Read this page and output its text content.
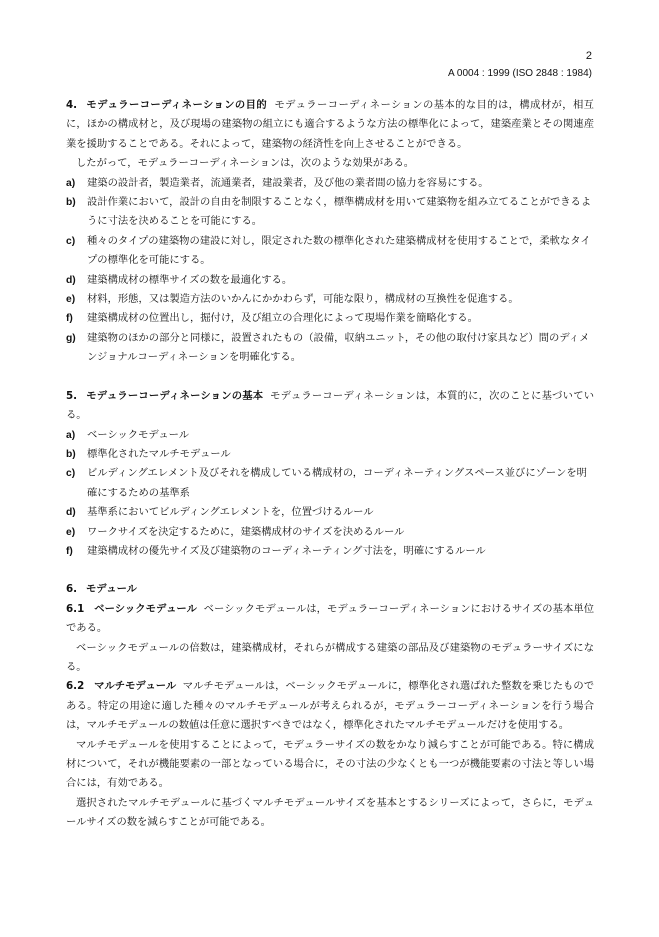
2
A 0004 : 1999 (ISO 2848 : 1984)

4. モデュラーコーディネーションの目的 モデュラーコーディネーションの基本的な目的は，構成材が，相互に，ほかの構成材と，及び現場の建築物の組立にも適合するような方法の標準化によって，建築産業とその関連産業を援助することである。それによって，建築物の経済性を向上させることができる。

したがって，モデュラーコーディネーションは，次のような効果がある。

a)	建築の設計者，製造業者，流通業者，建設業者，及び他の業者間の協力を容易にする。
b)	設計作業において，設計の自由を制限することなく，標準構成材を用いて建築物を組み立てることができるように寸法を決めることを可能にする。
c)	種々のタイプの建築物の建設に対し，限定された数の標準化された建築構成材を使用することで，柔軟なタイプの標準化を可能にする。
d)	建築構成材の標準サイズの数を最適化する。
e)	材料，形態，又は製造方法のいかんにかかわらず，可能な限り，構成材の互換性を促進する。
f)	建築構成材の位置出し，掘付け，及び組立の合理化によって現場作業を簡略化する。
g)	建築物のほかの部分と同様に，設置されたもの（設備，収納ユニット，その他の取付け家具など）間のディメンジョナルコーディネーションを明確化する。

5. モデュラーコーディネーションの基本 モデュラーコーディネーションは，本質的に，次のことに基づいている。

a)	ベーシックモデュール
b)	標準化されたマルチモデュール
c)	ビルディングエレメント及びそれを構成している構成材の，コーディネーティングスペース並びにゾーンを明確にするための基準系
d)	基準系においてビルディングエレメントを，位置づけるルール
e)	ワークサイズを決定するために，建築構成材のサイズを決めるルール
f)	建築構成材の優先サイズ及び建築物のコーディネーティング寸法を，明確にするルール
6. モデュール

6.1 ベーシックモデュール ベーシックモデュールは，モデュラーコーディネーションにおけるサイズの基本単位である。

ベーシックモデュールの倍数は，建築構成材，それらが構成する建築の部品及び建築物のモデュラーサイズになる。

6.2 マルチモデュール マルチモデュールは，ベーシックモデュールに，標準化され選ばれた整数を乗じたものである。特定の用途に適した種々のマルチモデュールが考えられるが，モデュラーコーディネーションを行う場合は，マルチモデュールの数値は任意に選択すべきではなく，標準化されたマルチモデュールだけを使用する。

マルチモデュールを使用することによって，モデュラーサイズの数をかなり減らすことが可能である。特に構成材について，それが機能要素の一部となっている場合に，その寸法の少なくとも一つが機能要素の寸法と等しい場合には，有効である。

選択されたマルチモデュールに基づくマルチモデュールサイズを基本とするシリーズによって，さらに，モデュールサイズの数を減らすことが可能である。
